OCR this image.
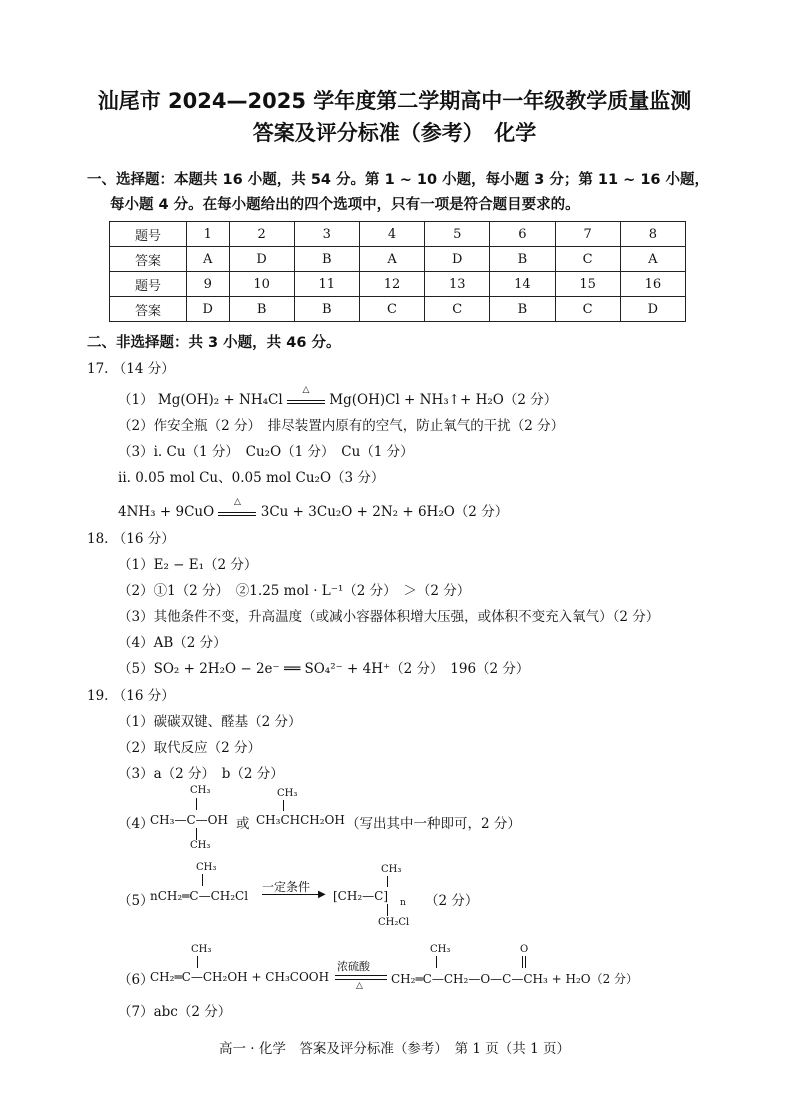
汕尾市 2024—2025 学年度第二学期高中一年级教学质量监测
答案及评分标准（参考）　化学
一、选择题：本题共 16 小题，共 54 分。第 1 ~ 10 小题，每小题 3 分；第 11 ~ 16 小题，
每小题 4 分。在每小题给出的四个选项中，只有一项是符合题目要求的。
题号	1	2	3	4	5	6	7	8
答案	A	D	B	A	D	B	C	A
题号	9	10	11	12	13	14	15	16
答案	D	B	B	C	C	B	C	D
二、非选择题：共 3 小题，共 46 分。
17. （14 分）
（1） Mg(OH)₂ + NH₄Cl
△
Mg(OH)Cl + NH₃↑+ H₂O（2 分）
（2）作安全瓶（2 分）　排尽装置内原有的空气，防止氧气的干扰（2 分）
（3）i. Cu（1 分）　Cu₂O（1 分）　Cu（1 分）
ii. 0.05 mol Cu、0.05 mol Cu₂O（3 分）
4NH₃ + 9CuO
△
3Cu + 3Cu₂O + 2N₂ + 6H₂O（2 分）
18. （16 分）
（1）E₂ − E₁（2 分）
（2）①1（2 分）　②1.25 mol · L⁻¹（2 分）　＞（2 分）
（3）其他条件不变，升高温度（或减小容器体积增大压强，或体积不变充入氧气）（2 分）
（4）AB（2 分）
（5）SO₂ + 2H₂O − 2e⁻ ══ SO₄²⁻ + 4H⁺（2 分）　196（2 分）
19. （16 分）
（1）碳碳双键、醛基（2 分）
（2）取代反应（2 分）
（3）a（2 分）　b（2 分）
（4）
CH₃
CH₃—C—OH
CH₃
或
CH₃
CH₃CHCH₂OH （写出其中一种即可，2 分）
（5）
CH₃
nCH₂═C—CH₂Cl
一定条件
▶
CH₃
[CH₂—C] n
CH₂Cl
（2 分）
（6）
CH₃
CH₂═C—CH₂OH + CH₃COOH
浓硫酸
△
CH₃	O
CH₂═C—CH₂—O—C—CH₃ + H₂O（2 分）
（7）abc（2 分）
高一 · 化学　答案及评分标准（参考）　第 1 页（共 1 页）
